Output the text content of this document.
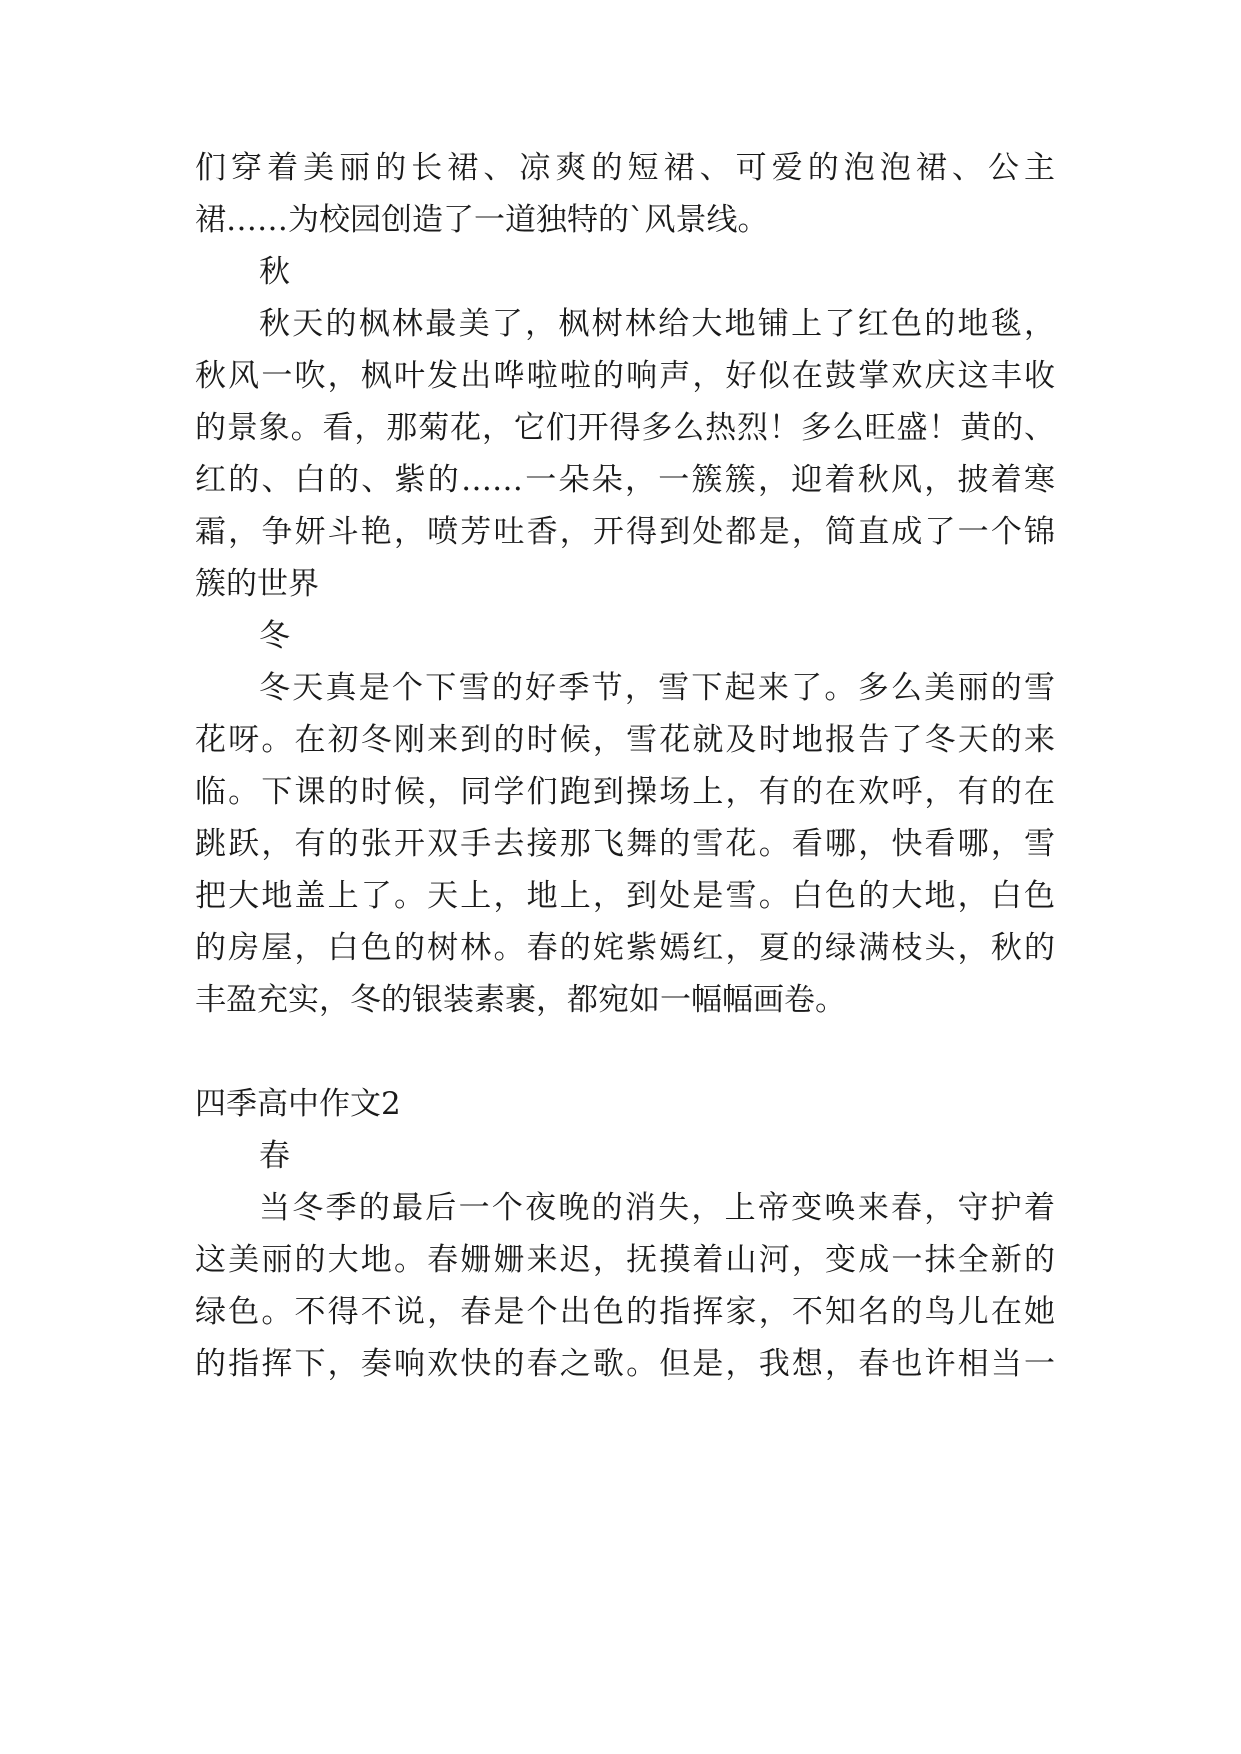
们穿着美丽的长裙、凉爽的短裙、可爱的泡泡裙、公主

裙……为校园创造了一道独特的`风景线。

秋

秋天的枫林最美了，枫树林给大地铺上了红色的地毯，

秋风一吹，枫叶发出哗啦啦的响声，好似在鼓掌欢庆这丰收

的景象。看，那菊花，它们开得多么热烈！多么旺盛！黄的、

红的、白的、紫的……一朵朵，一簇簇，迎着秋风，披着寒

霜，争妍斗艳，喷芳吐香，开得到处都是，简直成了一个锦

簇的世界

冬

冬天真是个下雪的好季节，雪下起来了。多么美丽的雪

花呀。在初冬刚来到的时候，雪花就及时地报告了冬天的来

临。下课的时候，同学们跑到操场上，有的在欢呼，有的在

跳跃，有的张开双手去接那飞舞的雪花。看哪，快看哪，雪

把大地盖上了。天上，地上，到处是雪。白色的大地，白色

的房屋，白色的树林。春的姹紫嫣红，夏的绿满枝头，秋的

丰盈充实，冬的银装素裹，都宛如一幅幅画卷。

四季高中作文2

春

当冬季的最后一个夜晚的消失，上帝变唤来春，守护着

这美丽的大地。春姗姗来迟，抚摸着山河，变成一抹全新的

绿色。不得不说，春是个出色的指挥家，不知名的鸟儿在她

的指挥下，奏响欢快的春之歌。但是，我想，春也许相当一
